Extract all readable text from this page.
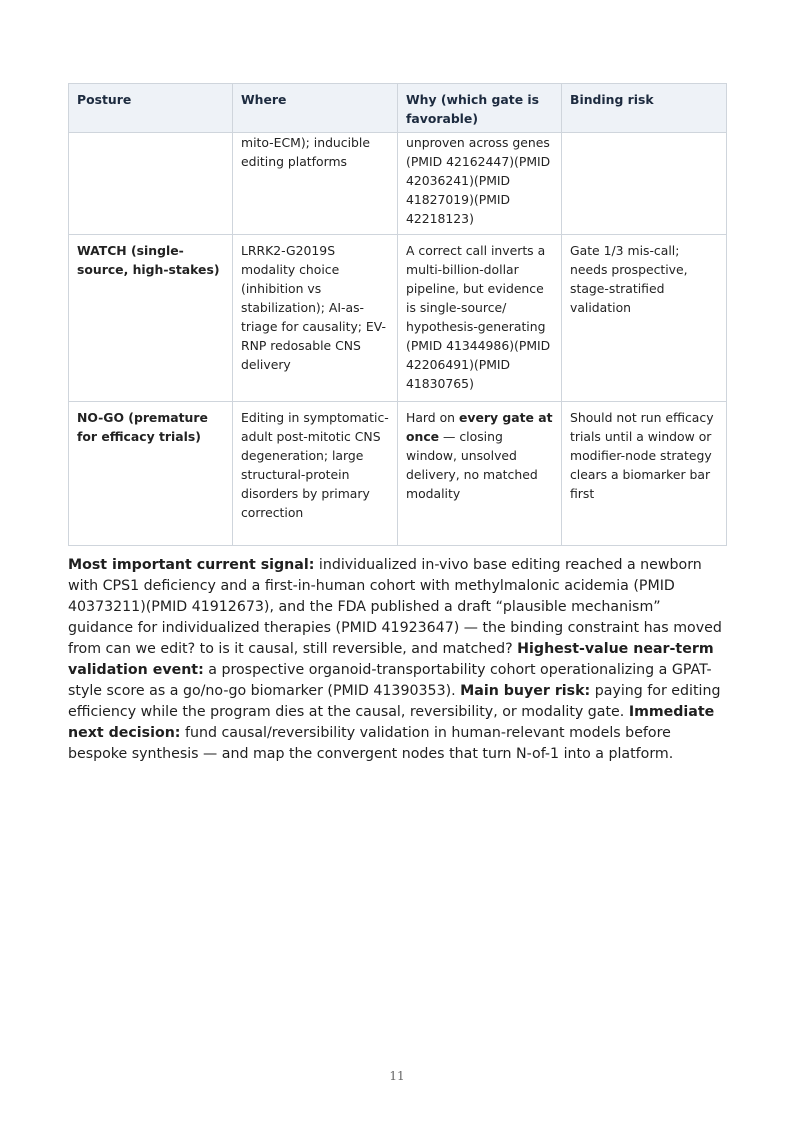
Posture	Where	Why (which gate is favorable)	Binding risk
	mito-ECM); inducible editing platforms	unproven across genes (PMID 42162447)(PMID 42036241)(PMID 41827019)(PMID 42218123)	
WATCH (single-source, high-stakes)	LRRK2-G2019S modality choice (inhibition vs stabilization); AI-as-triage for causality; EV-RNP redosable CNS delivery	A correct call inverts a multi-billion-dollar pipeline, but evidence is single-source/ hypothesis-generating (PMID 41344986)(PMID 42206491)(PMID 41830765)	Gate 1/3 mis-call; needs prospective, stage-stratified validation
NO-GO (premature for efficacy trials)	Editing in symptomatic-adult post-mitotic CNS degeneration; large structural-protein disorders by primary correction	Hard on every gate at once — closing window, unsolved delivery, no matched modality	Should not run efficacy trials until a window or modifier-node strategy clears a biomarker bar first

Most important current signal: individualized in-vivo base editing reached a newborn with CPS1 deficiency and a first-in-human cohort with methylmalonic acidemia (PMID 40373211)(PMID 41912673), and the FDA published a draft “plausible mechanism” guidance for individualized therapies (PMID 41923647) — the binding constraint has moved from can we edit? to is it causal, still reversible, and matched? Highest-value near-term validation event: a prospective organoid-transportability cohort operationalizing a GPAT-style score as a go/no-go biomarker (PMID 41390353). Main buyer risk: paying for editing efficiency while the program dies at the causal, reversibility, or modality gate. Immediate next decision: fund causal/reversibility validation in human-relevant models before bespoke synthesis — and map the convergent nodes that turn N-of-1 into a platform.

11
